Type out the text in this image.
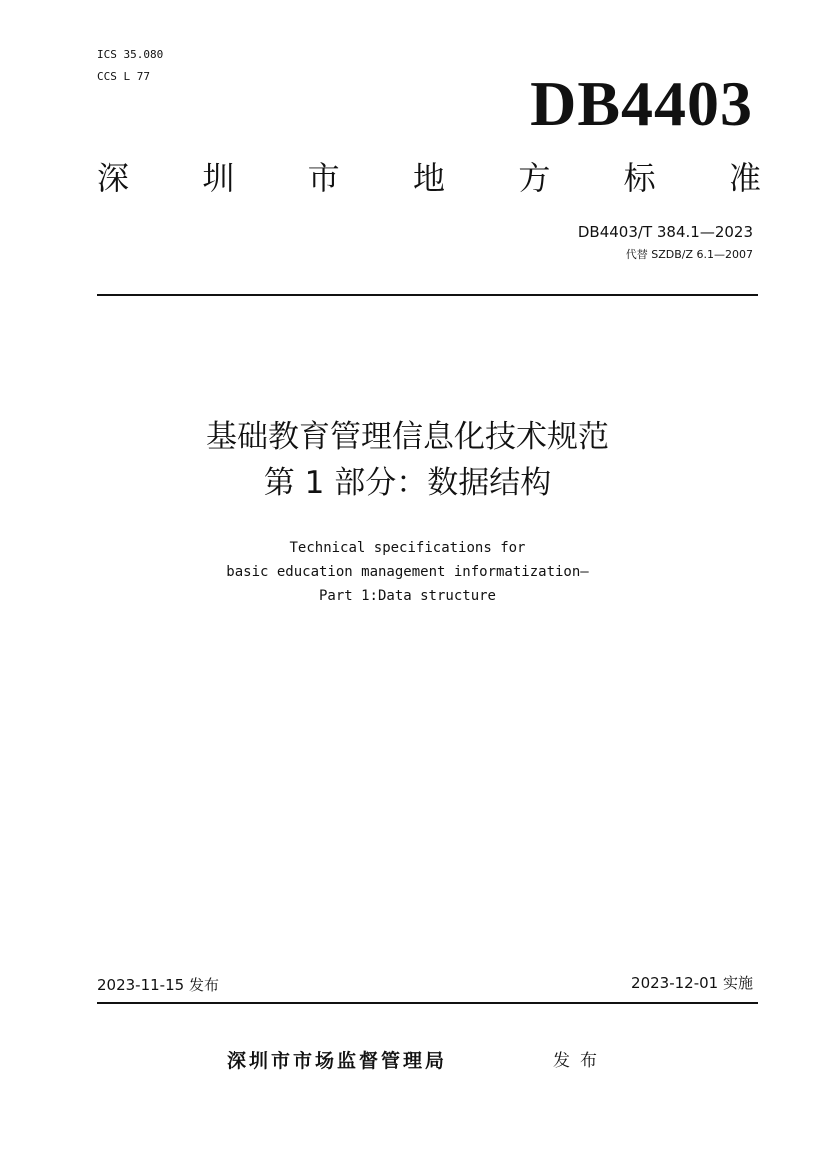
ICS 35.080
CCS L 77	DB4403
深 圳 市 地 方 标 准
DB4403/T 384.1—2023
代替 SZDB/Z 6.1—2007
基础教育管理信息化技术规范
第 1 部分：数据结构
Technical specifications for
basic education management informatization—
Part 1:Data structure
2023-11-15 发布	2023-12-01 实施
深圳市市场监督管理局	发布
